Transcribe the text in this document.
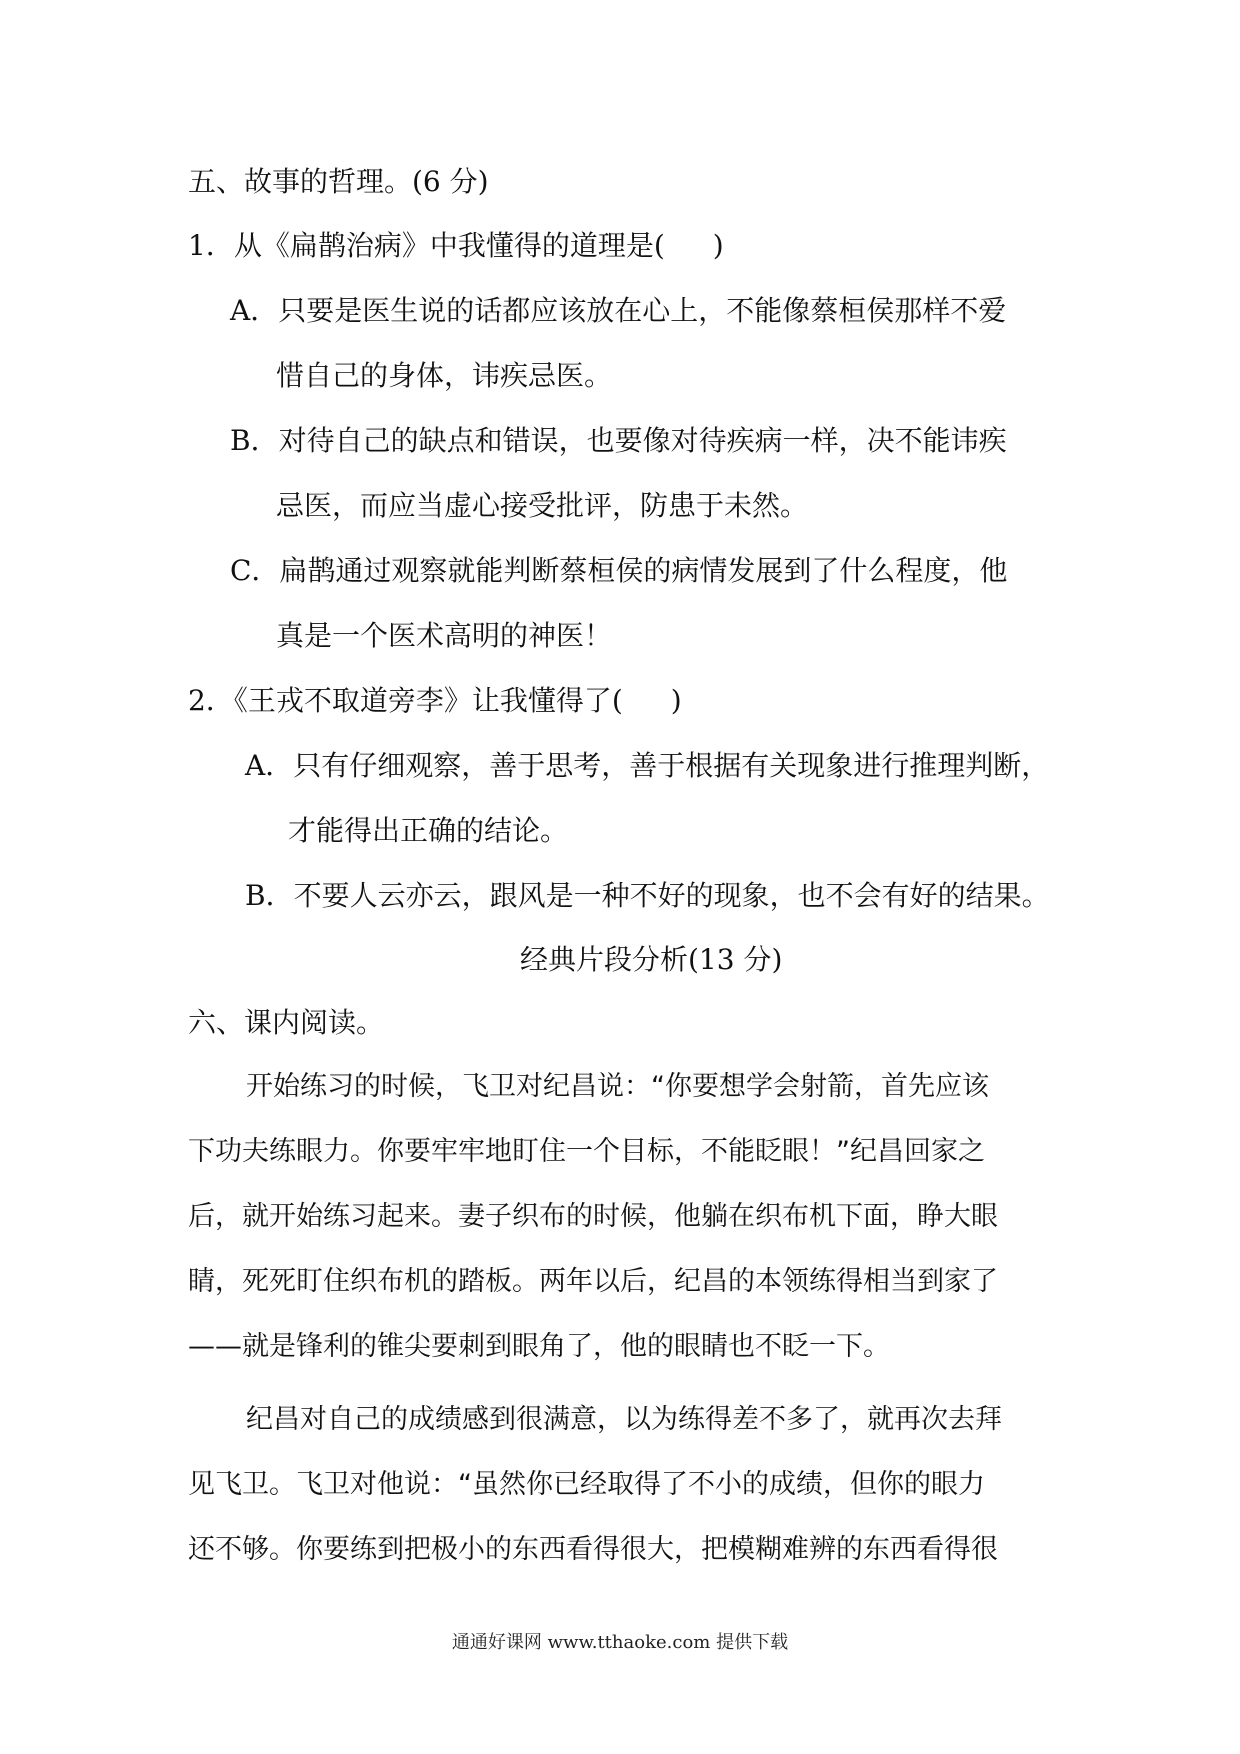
五、故事的哲理。(6 分)
1．从《扁鹊治病》中我懂得的道理是( )
A．只要是医生说的话都应该放在心上，不能像蔡桓侯那样不爱
惜自己的身体，讳疾忌医。
B．对待自己的缺点和错误，也要像对待疾病一样，决不能讳疾
忌医，而应当虚心接受批评，防患于未然。
C．扁鹊通过观察就能判断蔡桓侯的病情发展到了什么程度，他
真是一个医术高明的神医！
2．《王戎不取道旁李》让我懂得了( )
A．只有仔细观察，善于思考，善于根据有关现象进行推理判断，
才能得出正确的结论。
B．不要人云亦云，跟风是一种不好的现象，也不会有好的结果。
经典片段分析(13 分)
六、课内阅读。
开始练习的时候，飞卫对纪昌说：“你要想学会射箭，首先应该
下功夫练眼力。你要牢牢地盯住一个目标，不能眨眼！”纪昌回家之
后，就开始练习起来。妻子织布的时候，他躺在织布机下面，睁大眼
睛，死死盯住织布机的踏板。两年以后，纪昌的本领练得相当到家了
——就是锋利的锥尖要刺到眼角了，他的眼睛也不眨一下。
纪昌对自己的成绩感到很满意，以为练得差不多了，就再次去拜
见飞卫。飞卫对他说：“虽然你已经取得了不小的成绩，但你的眼力
还不够。你要练到把极小的东西看得很大，把模糊难辨的东西看得很
通通好课网 www.tthaoke.com 提供下载
